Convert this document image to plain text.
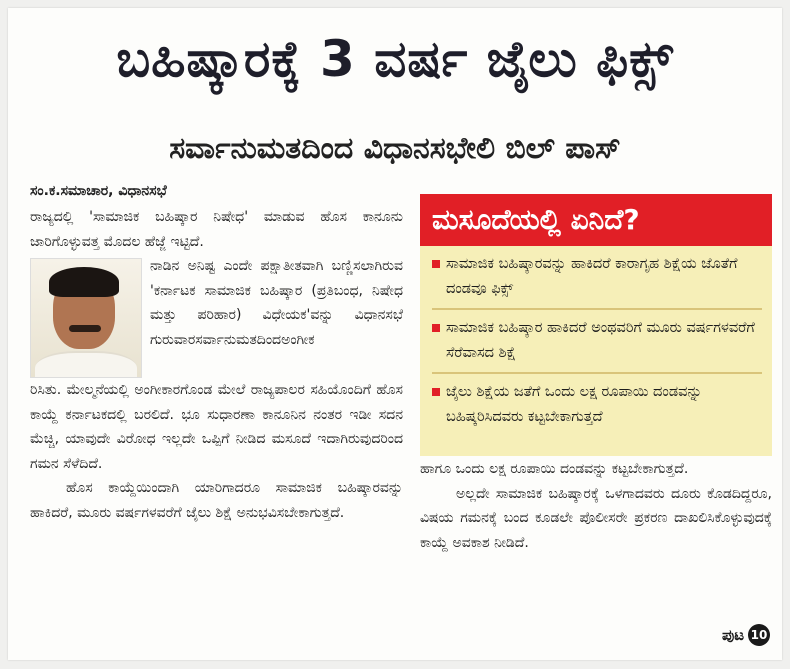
ಬಹಿಷ್ಕಾರಕ್ಕೆ 3 ವರ್ಷ ಜೈಲು ಫಿಕ್ಸ್
ಸರ್ವಾನುಮತದಿಂದ ವಿಧಾನಸಭೇಲಿ ಬಿಲ್‌ ಪಾಸ್
ಸಂ.ಕ.ಸಮಾಚಾರ, ವಿಧಾನಸಭೆ

ರಾಜ್ಯದಲ್ಲಿ 'ಸಾಮಾಜಿಕ ಬಹಿಷ್ಕಾರ ನಿಷೇಧ' ಮಾಡುವ ಹೊಸ ಕಾನೂನು ಜಾರಿಗೊಳ್ಳುವತ್ತ ಮೊದಲ ಹೆಜ್ಜೆ ಇಟ್ಟಿದೆ.

ನಾಡಿನ ಅನಿಷ್ಟ ಎಂದೇ ಪಕ್ಷಾತೀತವಾಗಿ ಬಣ್ಣಿಸಲಾಗಿರುವ 'ಕರ್ನಾಟಕ ಸಾಮಾಜಿಕ ಬಹಿಷ್ಕಾರ (ಪ್ರತಿಬಂಧ, ನಿಷೇಧ ಮತ್ತು ಪರಿಹಾರ) ವಿಧೇಯಕ'ವನ್ನು ವಿಧಾನಸಭೆ ಗುರುವಾರಸರ್ವಾನುಮತದಿಂದಅಂಗೀಕ

ರಿಸಿತು. ಮೇಲ್ಮನೆಯಲ್ಲಿ ಅಂಗೀಕಾರಗೊಂಡ ಮೇಲೆ ರಾಜ್ಯಪಾಲರ ಸಹಿಯೊಂದಿಗೆ ಹೊಸ ಕಾಯ್ದೆ ಕರ್ನಾಟಕದಲ್ಲಿ ಬರಲಿದೆ. ಭೂ ಸುಧಾರಣಾ ಕಾನೂನಿನ ನಂತರ ಇಡೀ ಸದನ ಮೆಚ್ಚಿ, ಯಾವುದೇ ವಿರೋಧ ಇಲ್ಲದೇ ಒಪ್ಪಿಗೆ ನೀಡಿದ ಮಸೂದೆ ಇದಾಗಿರುವುದರಿಂದ ಗಮನ ಸೆಳೆದಿದೆ.

ಹೊಸ ಕಾಯ್ದೆಯಿಂದಾಗಿ ಯಾರಿಗಾದರೂ ಸಾಮಾಜಿಕ ಬಹಿಷ್ಕಾರವನ್ನು ಹಾಕಿದರೆ, ಮೂರು ವರ್ಷಗಳವರೆಗೆ ಜೈಲು ಶಿಕ್ಷೆ ಅನುಭವಿಸಬೇಕಾಗುತ್ತದೆ.

ಮಸೂದೆಯಲ್ಲಿ ಏನಿದೆ?
ಸಾಮಾಜಿಕ ಬಹಿಷ್ಕಾರವನ್ನು ಹಾಕಿದರೆ ಕಾರಾಗೃಹ ಶಿಕ್ಷೆಯ ಜೊತೆಗೆ ದಂಡವೂ ಫಿಕ್ಸ್
ಸಾಮಾಜಿಕ ಬಹಿಷ್ಕಾರ ಹಾಕಿದರೆ ಅಂಥವರಿಗೆ ಮೂರು ವರ್ಷಗಳವರೆಗೆ ಸೆರೆವಾಸದ ಶಿಕ್ಷೆ
ಜೈಲು ಶಿಕ್ಷೆಯ ಜತೆಗೆ ಒಂದು ಲಕ್ಷ ರೂಪಾಯಿ ದಂಡವನ್ನು ಬಹಿಷ್ಕರಿಸಿದವರು ಕಟ್ಟಬೇಕಾಗುತ್ತದೆ

ಹಾಗೂ ಒಂದು ಲಕ್ಷ ರೂಪಾಯಿ ದಂಡವನ್ನು ಕಟ್ಟಬೇಕಾಗುತ್ತದೆ.

ಅಲ್ಲದೇ ಸಾಮಾಜಿಕ ಬಹಿಷ್ಕಾರಕ್ಕೆ ಒಳಗಾದವರು ದೂರು ಕೊಡದಿದ್ದರೂ, ವಿಷಯ ಗಮನಕ್ಕೆ ಬಂದ ಕೂಡಲೇ ಪೊಲೀಸರೇ ಪ್ರಕರಣ ದಾಖಲಿಸಿಕೊಳ್ಳುವುದಕ್ಕೆ ಕಾಯ್ದೆ ಅವಕಾಶ ನೀಡಿದೆ.

ಪುಟ 10
